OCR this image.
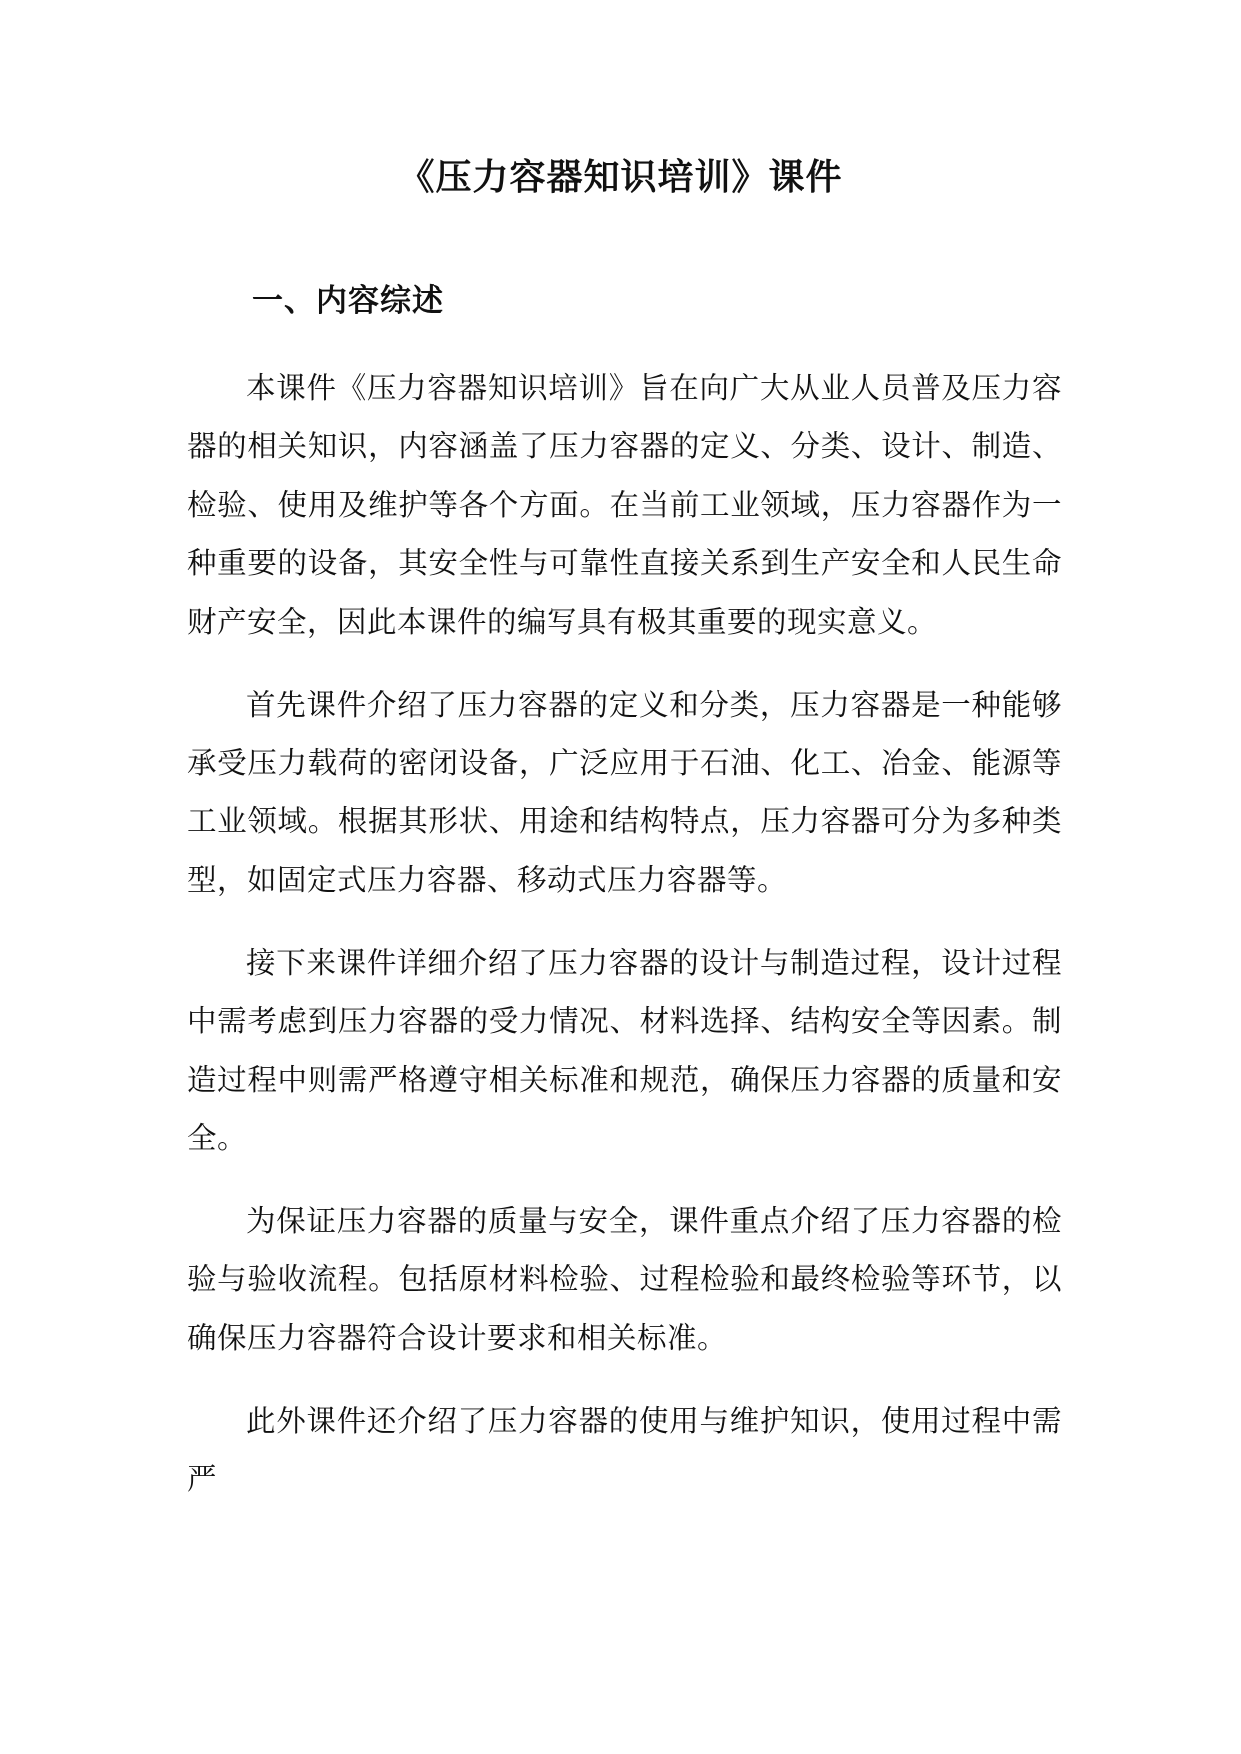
《压力容器知识培训》课件
一、内容综述

本课件《压力容器知识培训》旨在向广大从业人员普及压力容器的相关知识，内容涵盖了压力容器的定义、分类、设计、制造、检验、使用及维护等各个方面。在当前工业领域，压力容器作为一种重要的设备，其安全性与可靠性直接关系到生产安全和人民生命财产安全，因此本课件的编写具有极其重要的现实意义。

首先课件介绍了压力容器的定义和分类，压力容器是一种能够承受压力载荷的密闭设备，广泛应用于石油、化工、冶金、能源等工业领域。根据其形状、用途和结构特点，压力容器可分为多种类型，如固定式压力容器、移动式压力容器等。

接下来课件详细介绍了压力容器的设计与制造过程，设计过程中需考虑到压力容器的受力情况、材料选择、结构安全等因素。制造过程中则需严格遵守相关标准和规范，确保压力容器的质量和安全。

为保证压力容器的质量与安全，课件重点介绍了压力容器的检验与验收流程。包括原材料检验、过程检验和最终检验等环节，以确保压力容器符合设计要求和相关标准。

此外课件还介绍了压力容器的使用与维护知识，使用过程中需严
